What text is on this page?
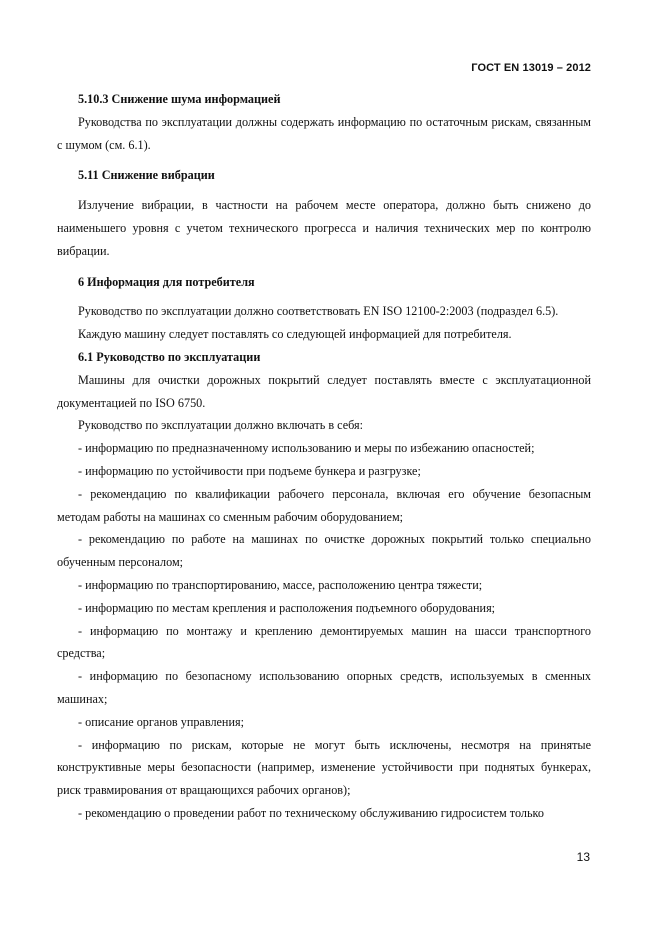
ГОСТ EN 13019 – 2012

5.10.3 Снижение шума информацией

Руководства по эксплуатации должны содержать информацию по остаточным рискам, связанным с шумом (см. 6.1).

5.11 Снижение вибрации

Излучение вибрации, в частности на рабочем месте оператора, должно быть снижено до наименьшего уровня с учетом технического прогресса и наличия технических мер по контролю вибрации.

6 Информация для потребителя

Руководство по эксплуатации должно соответствовать EN ISO 12100-2:2003 (подраздел 6.5).

Каждую машину следует поставлять со следующей информацией для потребителя.

6.1 Руководство по эксплуатации

Машины для очистки дорожных покрытий следует поставлять вместе с эксплуатационной документацией по ISO 6750.

Руководство по эксплуатации должно включать в себя:

- информацию по предназначенному использованию и меры по избежанию опасностей;

- информацию по устойчивости при подъеме бункера и разгрузке;

- рекомендацию по квалификации рабочего персонала, включая его обучение безопасным методам работы на машинах со сменным рабочим оборудованием;

- рекомендацию по работе на машинах по очистке дорожных покрытий только специально обученным персоналом;

- информацию по транспортированию, массе, расположению центра тяжести;

- информацию по местам крепления и расположения подъемного оборудования;

- информацию по монтажу и креплению демонтируемых машин на шасси транспортного средства;

- информацию по безопасному использованию опорных средств, используемых в сменных машинах;

- описание органов управления;

- информацию по рискам, которые не могут быть исключены, несмотря на принятые конструктивные меры безопасности (например, изменение устойчивости при поднятых бункерах, риск травмирования от вращающихся рабочих органов);

- рекомендацию о проведении работ по техническому обслуживанию гидросистем только

13
